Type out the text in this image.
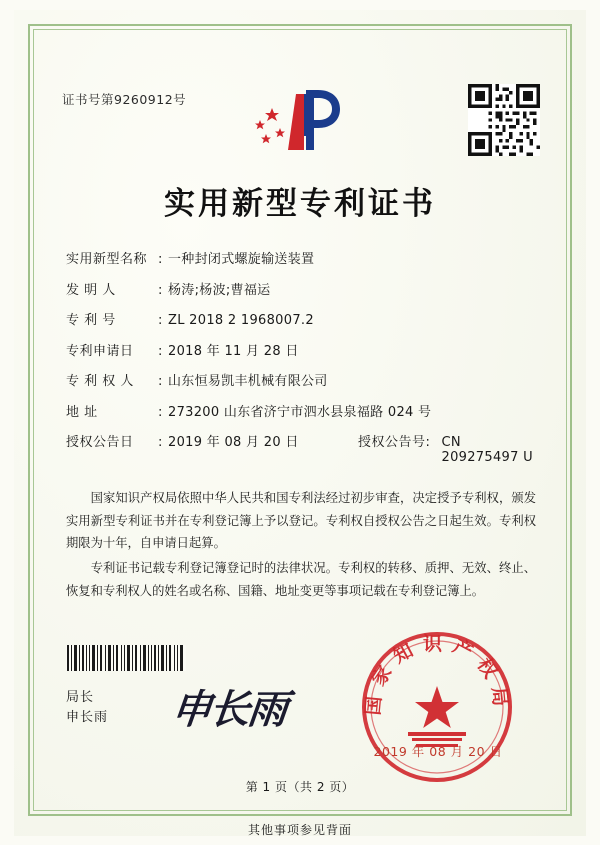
证书号第9260912号
实用新型专利证书
实用新型名称 : 一种封闭式螺旋输送装置
发 明 人	: 杨涛;杨波;曹福运
专 利 号	: ZL 2018 2 1968007.2
专利申请日	: 2018 年 11 月 28 日
专 利 权 人	: 山东恒易凯丰机械有限公司
地 址	: 273200 山东省济宁市泗水县泉福路 024 号
授权公告日	: 2019 年 08 月 20 日	授权公告号 : CN 209275497 U

国家知识产权局依照中华人民共和国专利法经过初步审查，决定授予专利权，颁发实用新型专利证书并在专利登记簿上予以登记。专利权自授权公告之日起生效。专利权期限为十年，自申请日起算。

专利证书记载专利登记簿登记时的法律状况。专利权的转移、质押、无效、终止、恢复和专利权人的姓名或名称、国籍、地址变更等事项记载在专利登记簿上。

局长
申长雨 申长雨	国家知识产权局
2019 年 08 月 20 日
第 1 页（共 2 页）
其他事项参见背面
